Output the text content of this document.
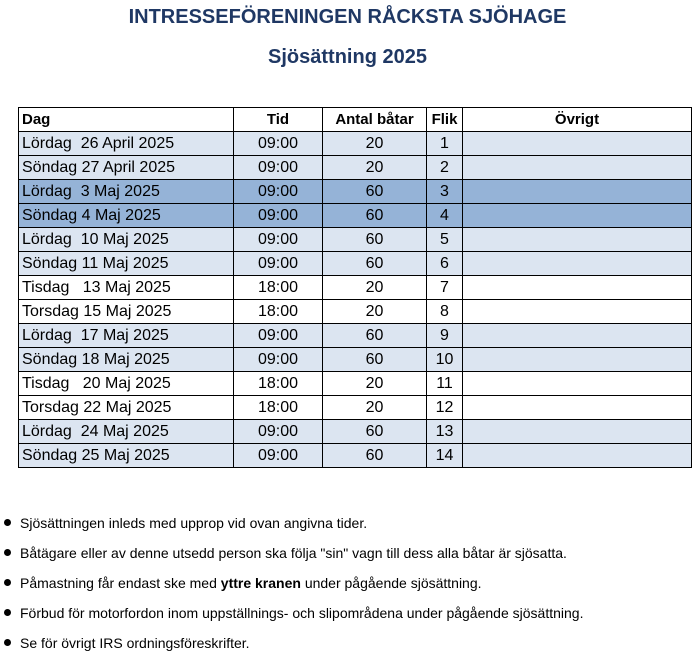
INTRESSEFÖRENINGEN RÅCKSTA SJÖHAGE
Sjösättning 2025
Dag	Tid	Antal båtar	Flik	Övrigt
Lördag  26 April 2025	09:00	20	1	
Söndag 27 April 2025	09:00	20	2	
Lördag  3 Maj 2025	09:00	60	3	
Söndag 4 Maj 2025	09:00	60	4	
Lördag  10 Maj 2025	09:00	60	5	
Söndag 11 Maj 2025	09:00	60	6	
Tisdag   13 Maj 2025	18:00	20	7	
Torsdag 15 Maj 2025	18:00	20	8	
Lördag  17 Maj 2025	09:00	60	9	
Söndag 18 Maj 2025	09:00	60	10	
Tisdag   20 Maj 2025	18:00	20	11	
Torsdag 22 Maj 2025	18:00	20	12	
Lördag  24 Maj 2025	09:00	60	13	
Söndag 25 Maj 2025	09:00	60	14	
Sjösättningen inleds med upprop vid ovan angivna tider.
Båtägare eller av denne utsedd person ska följa "sin" vagn till dess alla båtar är sjösatta.
Påmastning får endast ske med yttre kranen under pågående sjösättning.
Förbud för motorfordon inom uppställnings- och slipområdena under pågående sjösättning.
Se för övrigt IRS ordningsföreskrifter.
